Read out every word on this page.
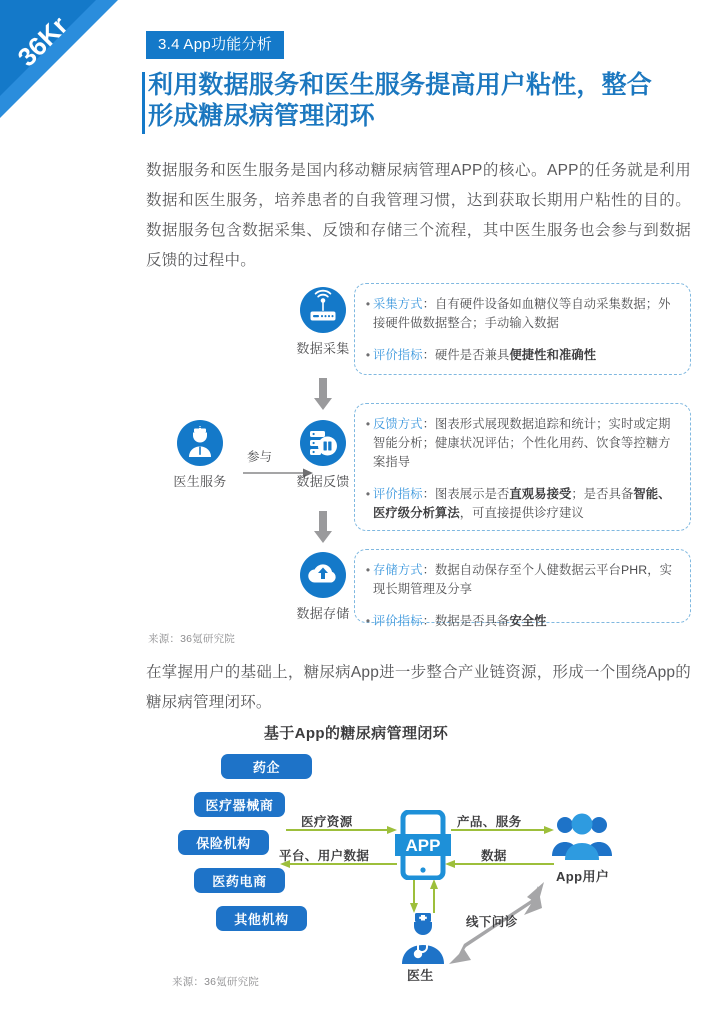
36Kr	3.4 App功能分析
利用数据服务和医生服务提高用户粘性，整合
形成糖尿病管理闭环
数据服务和医生服务是国内移动糖尿病管理APP的核心。APP的任务就是利用数据和医生服务，培养患者的自我管理习惯，达到获取长期用户粘性的目的。数据服务包含数据采集、反馈和存储三个流程，其中医生服务也会参与到数据反馈的过程中。
数据采集
医生服务
参与
数据反馈
数据存储
• 采集方式：自有硬件设备如血糖仪等自动采集数据；外接硬件做数据整合；手动输入数据
• 评价指标：硬件是否兼具便捷性和准确性
• 反馈方式：图表形式展现数据追踪和统计；实时或定期智能分析；健康状况评估；个性化用药、饮食等控糖方案指导
• 评价指标：图表展示是否直观易接受；是否具备智能、医疗级分析算法，可直接提供诊疗建议
• 存储方式：数据自动保存至个人健数据云平台PHR，实现长期管理及分享
• 评价指标：数据是否具备安全性
来源：36氪研究院
在掌握用户的基础上，糖尿病App进一步整合产业链资源，形成一个围绕App的糖尿病管理闭环。
基于App的糖尿病管理闭环
药企
医疗器械商
保险机构
医药电商
其他机构
医疗资源
平台、用户数据
产品、服务
数据
线下问诊
APP
App用户
医生
来源：36氪研究院
